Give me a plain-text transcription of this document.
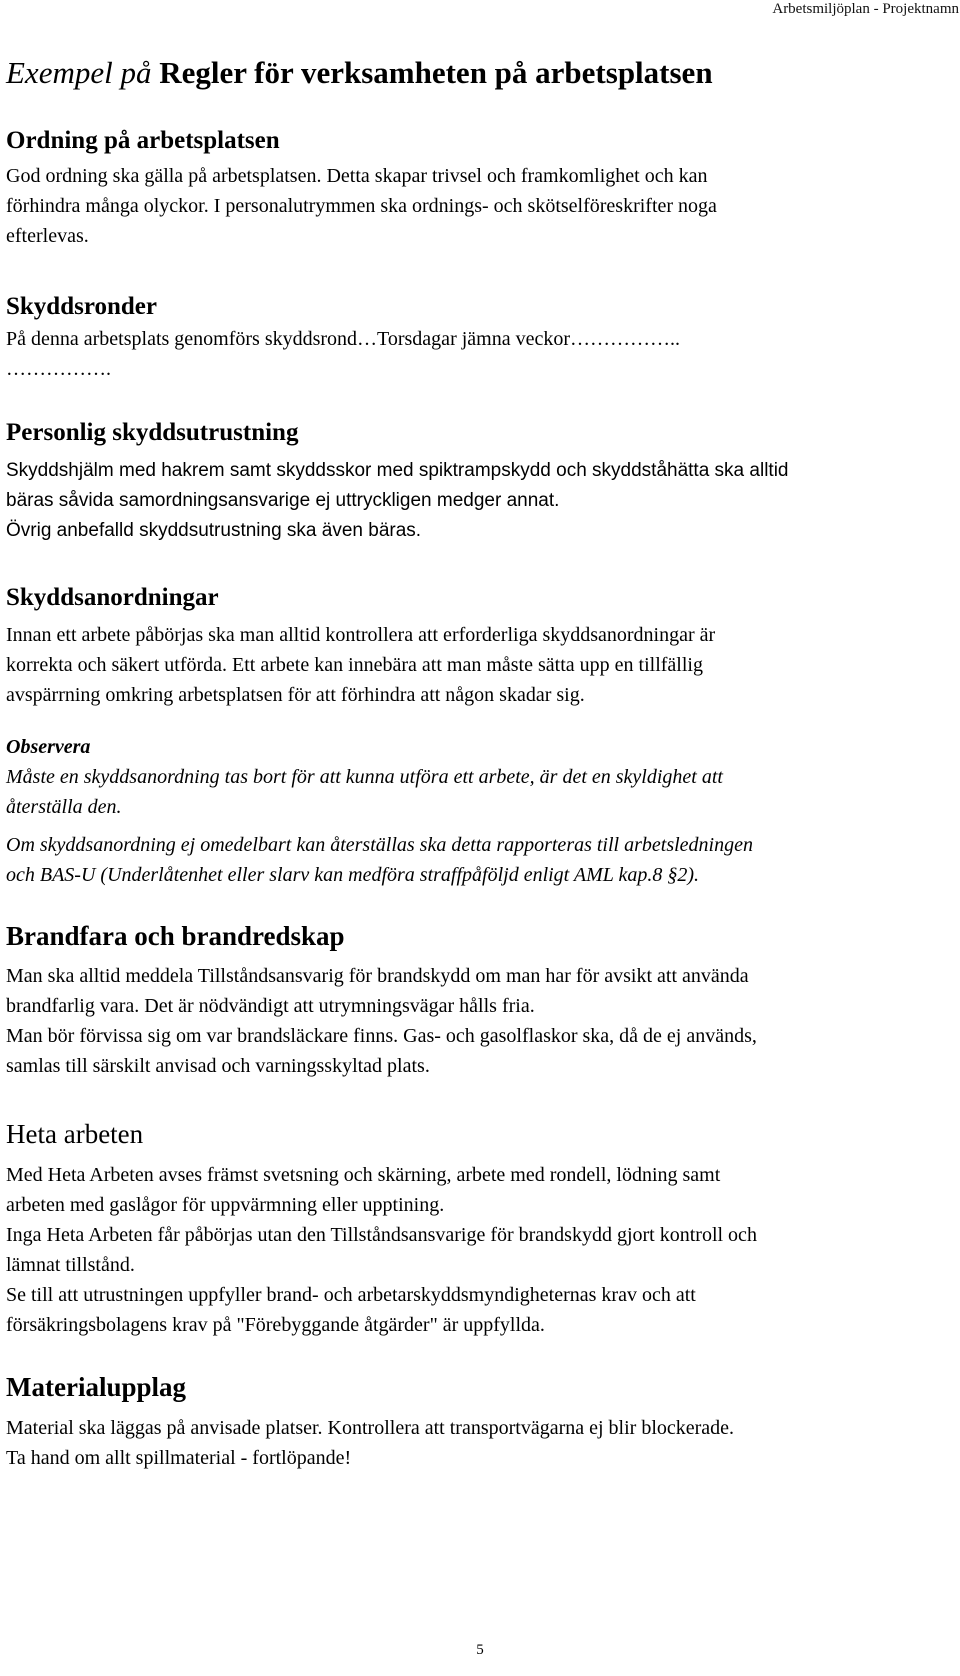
Arbetsmiljöplan - Projektnamn
Exempel på Regler för verksamheten på arbetsplatsen
Ordning på arbetsplatsen

God ordning ska gälla på arbetsplatsen. Detta skapar trivsel och framkomlighet och kan
förhindra många olyckor. I personalutrymmen ska ordnings- och skötselföreskrifter noga
efterlevas.

Skyddsronder

På denna arbetsplats genomförs skyddsrond…Torsdagar jämna veckor……………..
…………….

Personlig skyddsutrustning

Skyddshjälm med hakrem samt skyddsskor med spiktrampskydd och skyddståhätta ska alltid
bäras såvida samordningsansvarige ej uttryckligen medger annat.
Övrig anbefalld skyddsutrustning ska även bäras.

Skyddsanordningar

Innan ett arbete påbörjas ska man alltid kontrollera att erforderliga skyddsanordningar är
korrekta och säkert utförda. Ett arbete kan innebära att man måste sätta upp en tillfällig
avspärrning omkring arbetsplatsen för att förhindra att någon skadar sig.

Observera

Måste en skyddsanordning tas bort för att kunna utföra ett arbete, är det en skyldighet att
återställa den.
Om skyddsanordning ej omedelbart kan återställas ska detta rapporteras till arbetsledningen
och BAS-U (Underlåtenhet eller slarv kan medföra straffpåföljd enligt AML kap.8 §2).

Brandfara och brandredskap

Man ska alltid meddela Tillståndsansvarig för brandskydd om man har för avsikt att använda
brandfarlig vara. Det är nödvändigt att utrymningsvägar hålls fria.
Man bör förvissa sig om var brandsläckare finns. Gas- och gasolflaskor ska, då de ej används,
samlas till särskilt anvisad och varningsskyltad plats.

Heta arbeten

Med Heta Arbeten avses främst svetsning och skärning, arbete med rondell, lödning samt
arbeten med gaslågor för uppvärmning eller upptining.
Inga Heta Arbeten får påbörjas utan den Tillståndsansvarige för brandskydd gjort kontroll och
lämnat tillstånd.
Se till att utrustningen uppfyller brand- och arbetarskyddsmyndigheternas krav och att
försäkringsbolagens krav på "Förebyggande åtgärder" är uppfyllda.

Materialupplag

Material ska läggas på anvisade platser. Kontrollera att transportvägarna ej blir blockerade.
Ta hand om allt spillmaterial - fortlöpande!

5
